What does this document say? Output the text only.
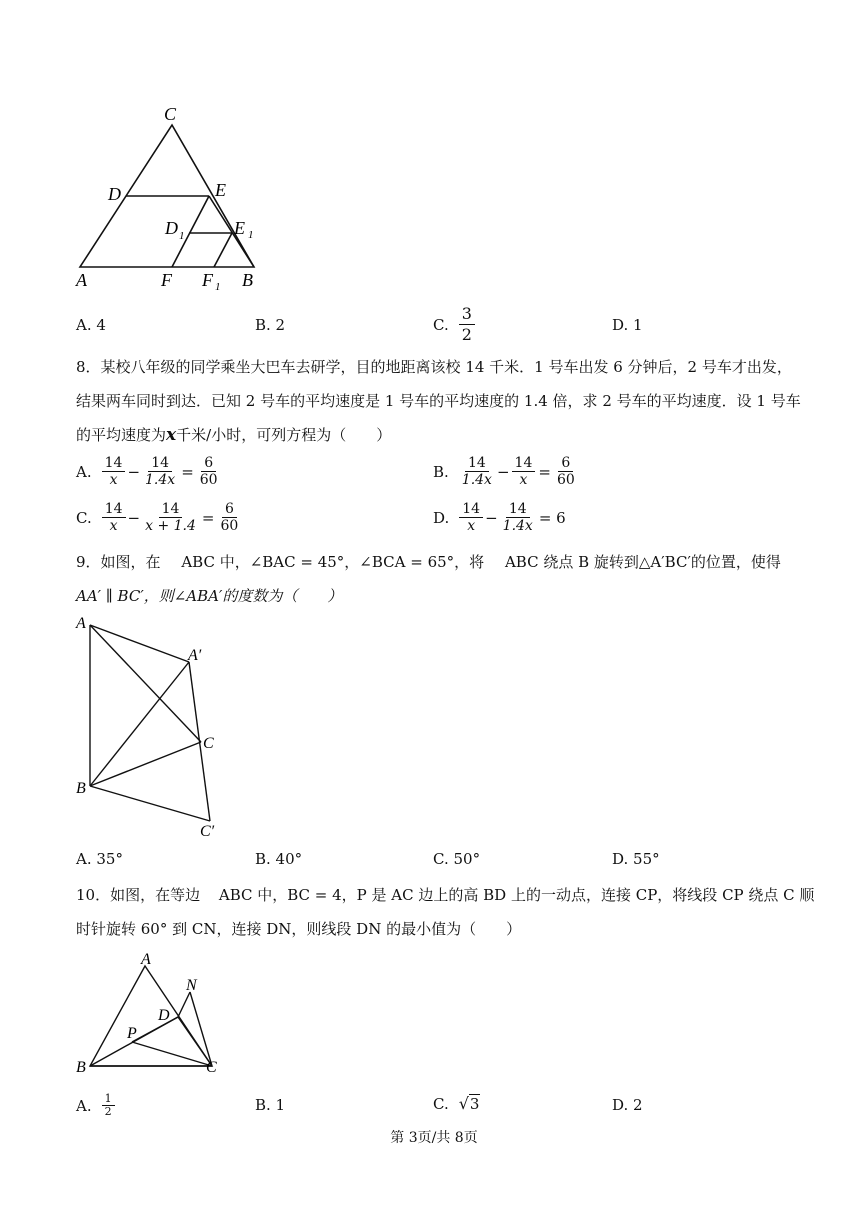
C
D	E
D 1	E 1
A	F F 1 B
A. 4	B. 2	C. $\frac{3}{2}$	D. 1
8．某校八年级的同学乘坐大巴车去研学，目的地距离该校 14 千米．1 号车出发 6 分钟后，2 号车才出发，
结果两车同时到达．已知 2 号车的平均速度是 1 号车的平均速度的 1.4 倍，求 2 号车的平均速度．设 1 号车
的平均速度为x千米/小时，可列方程为（　　）
A. $\frac{14}{x} - \frac{14}{1.4x} = \frac{6}{60}$	B. $\frac{14}{1.4x} - \frac{14}{x} = \frac{6}{60}$
C. $\frac{14}{x} - \frac{14}{x + 1.4} = \frac{6}{60}$	D. $\frac{14}{x} - \frac{14}{1.4x} = 6$
9．如图，在 ABC 中，∠BAC = 45°，∠BCA = 65°，将 ABC 绕点 B 旋转到△A′BC′的位置，使得
AA′ ∥ BC′，则∠ABA′的度数为（　　）
A
A′
C
B
C′
A. 35°	B. 40°	C. 50°	D. 55°
10．如图，在等边 ABC 中，BC = 4，P 是 AC 边上的高 BD 上的一动点，连接 CP，将线段 CP 绕点 C 顺
时针旋转 60° 到 CN，连接 DN，则线段 DN 的最小值为（　　）
A
N
D
P
B	C
A. $\frac{1}{2}$	B. 1	C. √ 3	D. 2
第 3页/共 8页
